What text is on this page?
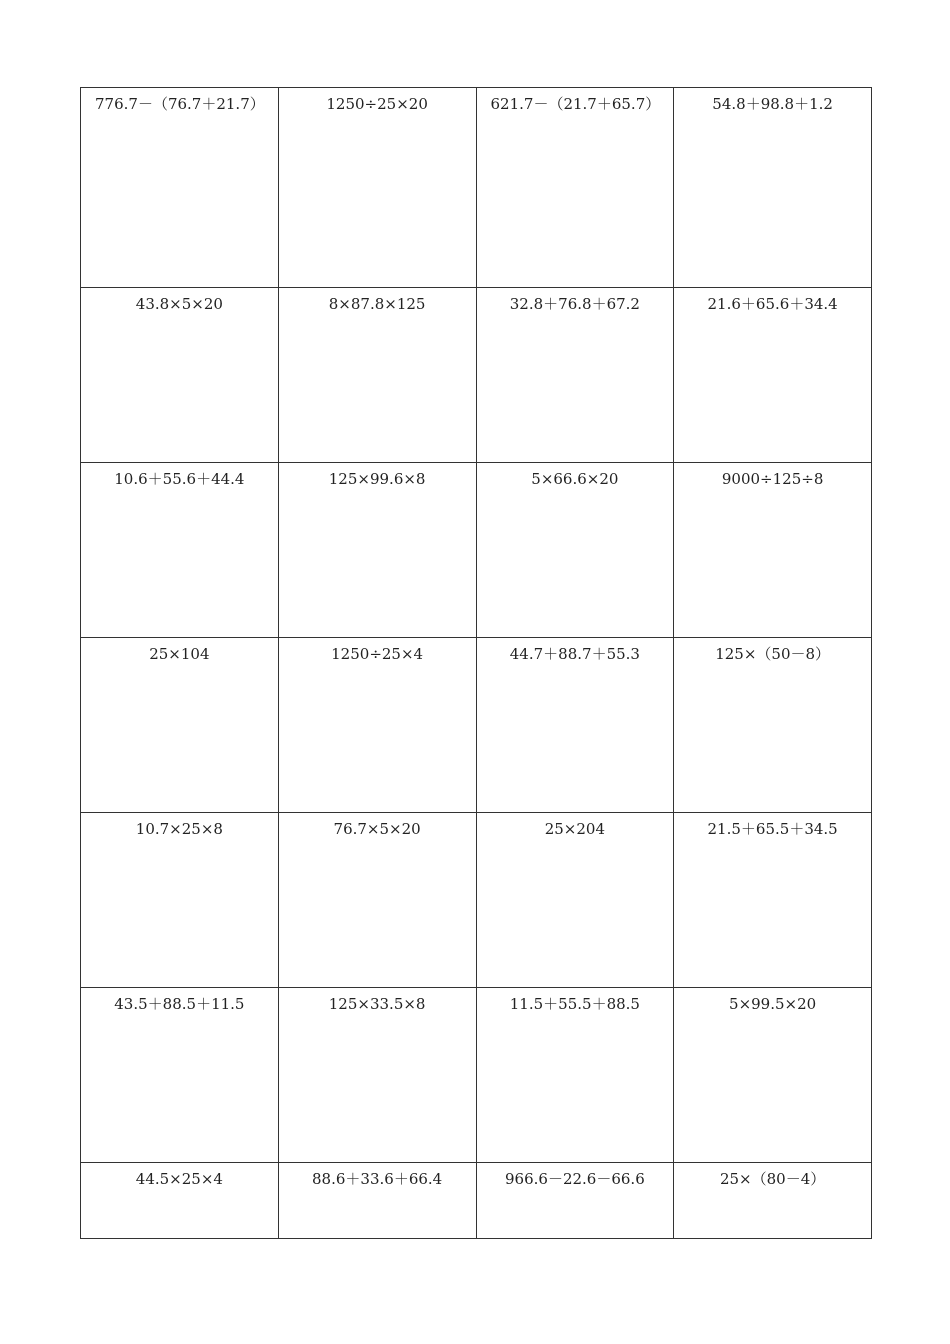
776.7－（76.7＋21.7）	1250÷25×20	621.7－（21.7＋65.7）	54.8＋98.8＋1.2
43.8×5×20	8×87.8×125	32.8＋76.8＋67.2	21.6＋65.6＋34.4
10.6＋55.6＋44.4	125×99.6×8	5×66.6×20	9000÷125÷8
25×104	1250÷25×4	44.7＋88.7＋55.3	125×（50－8）
10.7×25×8	76.7×5×20	25×204	21.5＋65.5＋34.5
43.5＋88.5＋11.5	125×33.5×8	11.5＋55.5＋88.5	5×99.5×20
44.5×25×4	88.6＋33.6＋66.4	966.6－22.6－66.6	25×（80－4）
